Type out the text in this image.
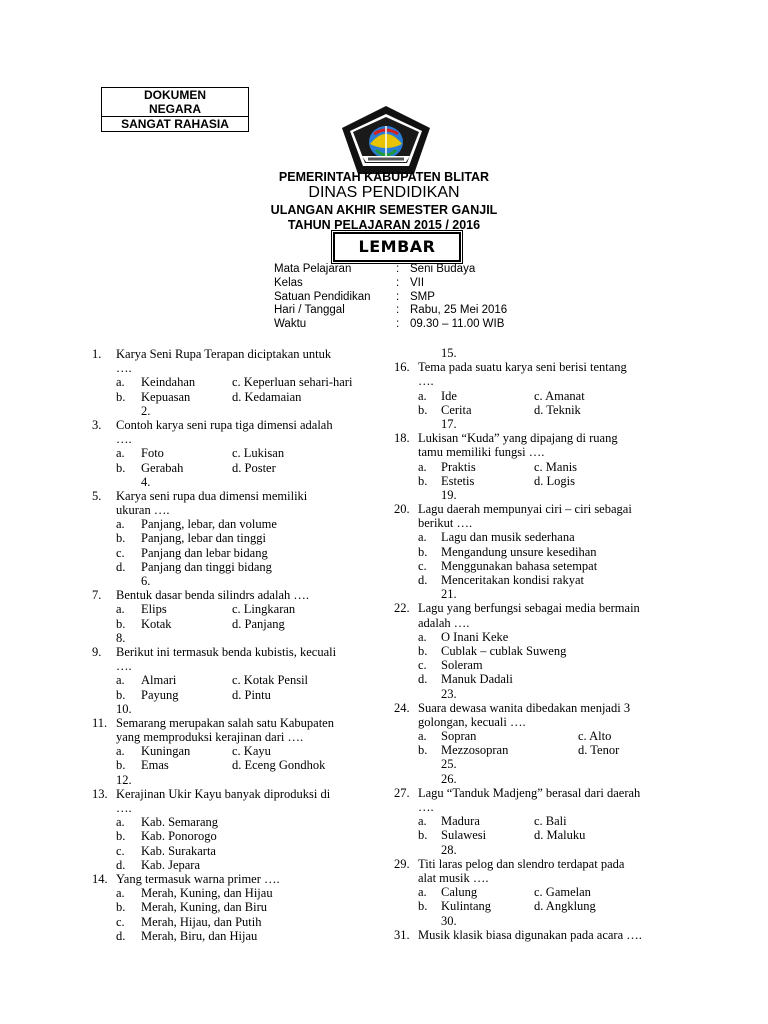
DOKUMEN
NEGARA
SANGAT RAHASIA
PEMERINTAH KABUPATEN BLITAR
DINAS PENDIDIKAN
ULANGAN AKHIR SEMESTER GANJIL
TAHUN PELAJARAN 2015 / 2016
LEMBAR
Mata Pelajaran	: Seni Budaya
Kelas	: VII
Satuan Pendidikan : SMP
Hari / Tanggal	: Rabu, 25 Mei 2016
Waktu	: 09.30 – 11.00 WIB
1. Karya Seni Rupa Terapan diciptakan untuk
….
a. Keindahan	c. Keperluan sehari-hari
b. Kepuasan	d. Kedamaian
2.
3. Contoh karya seni rupa tiga dimensi adalah
….
a. Foto	c. Lukisan
b. Gerabah	d. Poster
4.
5. Karya seni rupa dua dimensi memiliki
ukuran ….
a. Panjang, lebar, dan volume
b. Panjang, lebar dan tinggi
c. Panjang dan lebar bidang
d. Panjang dan tinggi bidang
6.
7. Bentuk dasar benda silindrs adalah ….
a. Elips	c. Lingkaran
b. Kotak	d. Panjang
8.
9. Berikut ini termasuk benda kubistis, kecuali
….
a. Almari	c. Kotak Pensil
b. Payung	d. Pintu
10.
11. Semarang merupakan salah satu Kabupaten
yang memproduksi kerajinan dari ….
a. Kuningan	c. Kayu
b. Emas	d. Eceng Gondhok
12.
13. Kerajinan Ukir Kayu banyak diproduksi di
….
a. Kab. Semarang
b. Kab. Ponorogo
c. Kab. Surakarta
d. Kab. Jepara
14. Yang termasuk warna primer ….
a. Merah, Kuning, dan Hijau
b. Merah, Kuning, dan Biru
c. Merah, Hijau, dan Putih
d. Merah, Biru, dan Hijau
15.
16. Tema pada suatu karya seni berisi tentang
….
a. Ide	c. Amanat
b. Cerita	d. Teknik
17.
18. Lukisan “Kuda” yang dipajang di ruang
tamu memiliki fungsi ….
a. Praktis	c. Manis
b. Estetis	d. Logis
19.
20. Lagu daerah mempunyai ciri – ciri sebagai
berikut ….
a. Lagu dan musik sederhana
b. Mengandung unsure kesedihan
c. Menggunakan bahasa setempat
d. Menceritakan kondisi rakyat
21.
22. Lagu yang berfungsi sebagai media bermain
adalah ….
a. O Inani Keke
b. Cublak – cublak Suweng
c. Soleram
d. Manuk Dadali
23.
24. Suara dewasa wanita dibedakan menjadi 3
golongan, kecuali ….
a. Sopran	c. Alto
b. Mezzosopran	d. Tenor
25.
26.
27. Lagu “Tanduk Madjeng” berasal dari daerah
….
a. Madura	c. Bali
b. Sulawesi	d. Maluku
28.
29. Titi laras pelog dan slendro terdapat pada
alat musik ….
a. Calung	c. Gamelan
b. Kulintang	d. Angklung
30.
31. Musik klasik biasa digunakan pada acara ….
